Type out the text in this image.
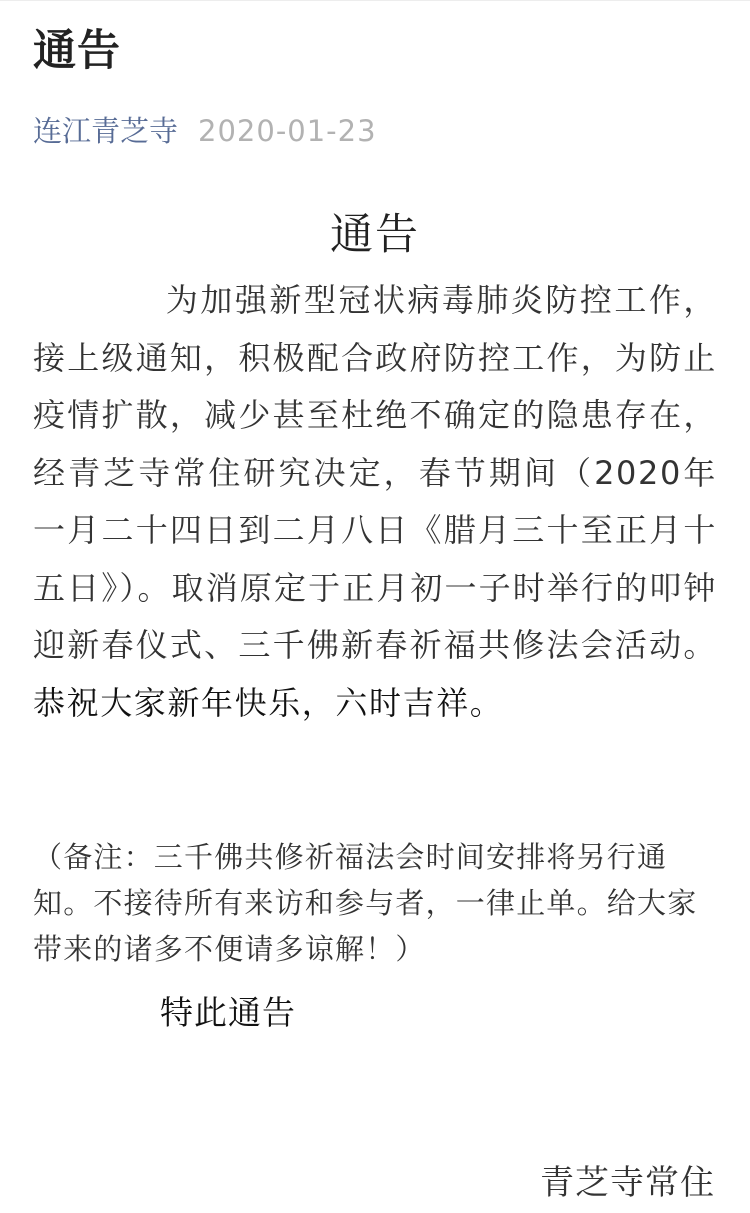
通告
连江青芝寺 2020-01-23
通告

为加强新型冠状病毒肺炎防控工作，接上级通知，积极配合政府防控工作，为防止疫情扩散，减少甚至杜绝不确定的隐患存在，经青芝寺常住研究决定，春节期间（2020年一月二十四日到二月八日《腊月三十至正月十五日》）。取消原定于正月初一子时举行的叩钟迎新春仪式、三千佛新春祈福共修法会活动。恭祝大家新年快乐，六时吉祥。

（备注：三千佛共修祈福法会时间安排将另行通知。不接待所有来访和参与者，一律止单。给大家带来的诸多不便请多谅解！）

特此通告

青芝寺常住
